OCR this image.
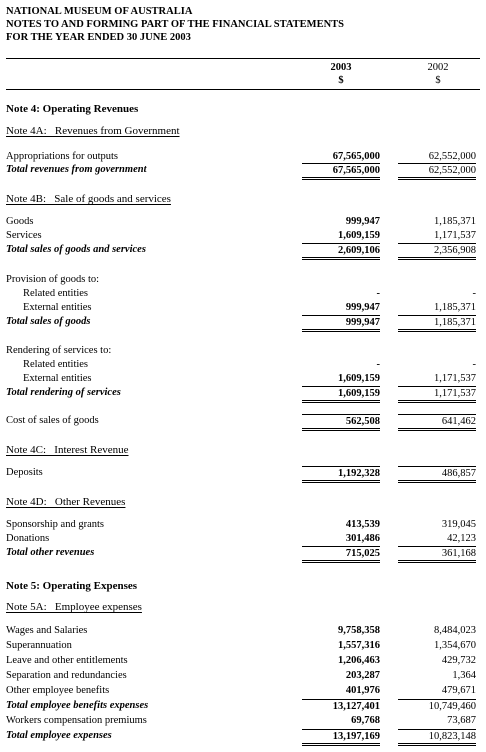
NATIONAL MUSEUM OF AUSTRALIA
NOTES TO AND FORMING PART OF THE FINANCIAL STATEMENTS
FOR THE YEAR ENDED 30 JUNE 2003
2003
$
2002
$
Note 4: Operating Revenues
Note 4A:   Revenues from Government
Appropriations for outputs	67,565,000	62,552,000
Total revenues from government	67,565,000	62,552,000
Note 4B:   Sale of goods and services
Goods	999,947	1,185,371
Services	1,609,159	1,171,537
Total sales of goods and services	2,609,106	2,356,908
Provision of goods to:
Related entities	-	-
External entities	999,947	1,185,371
Total sales of goods	999,947	1,185,371
Rendering of services to:
Related entities	-	-
External entities	1,609,159	1,171,537
Total rendering of services	1,609,159	1,171,537
Cost of sales of goods	562,508	641,462
Note 4C:   Interest Revenue
Deposits	1,192,328	486,857
Note 4D:   Other Revenues
Sponsorship and grants	413,539	319,045
Donations	301,486	42,123
Total other revenues	715,025	361,168
Note 5: Operating Expenses
Note 5A:   Employee expenses
Wages and Salaries	9,758,358	8,484,023
Superannuation	1,557,316	1,354,670
Leave and other entitlements	1,206,463	429,732
Separation and redundancies	203,287	1,364
Other employee benefits	401,976	479,671
Total employee benefits expenses	13,127,401	10,749,460
Workers compensation premiums	69,768	73,687
Total employee expenses	13,197,169	10,823,148
